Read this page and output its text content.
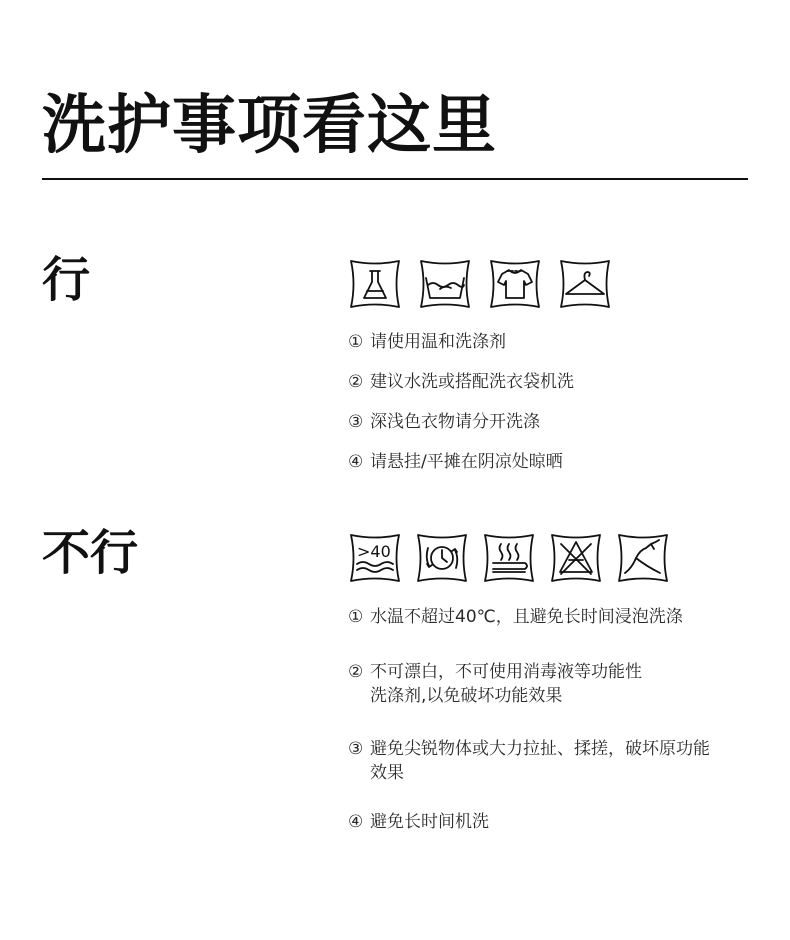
洗护事项看这里
行
① 请使用温和洗涤剂
② 建议水洗或搭配洗衣袋机洗
③ 深浅色衣物请分开洗涤
④ 请悬挂/平摊在阴凉处晾晒
不行	>40
① 水温不超过40℃，且避免长时间浸泡洗涤
② 不可漂白，不可使用消毒液等功能性
洗涤剂,以免破坏功能效果
③ 避免尖锐物体或大力拉扯、揉搓，破坏原功能
效果
④ 避免长时间机洗
